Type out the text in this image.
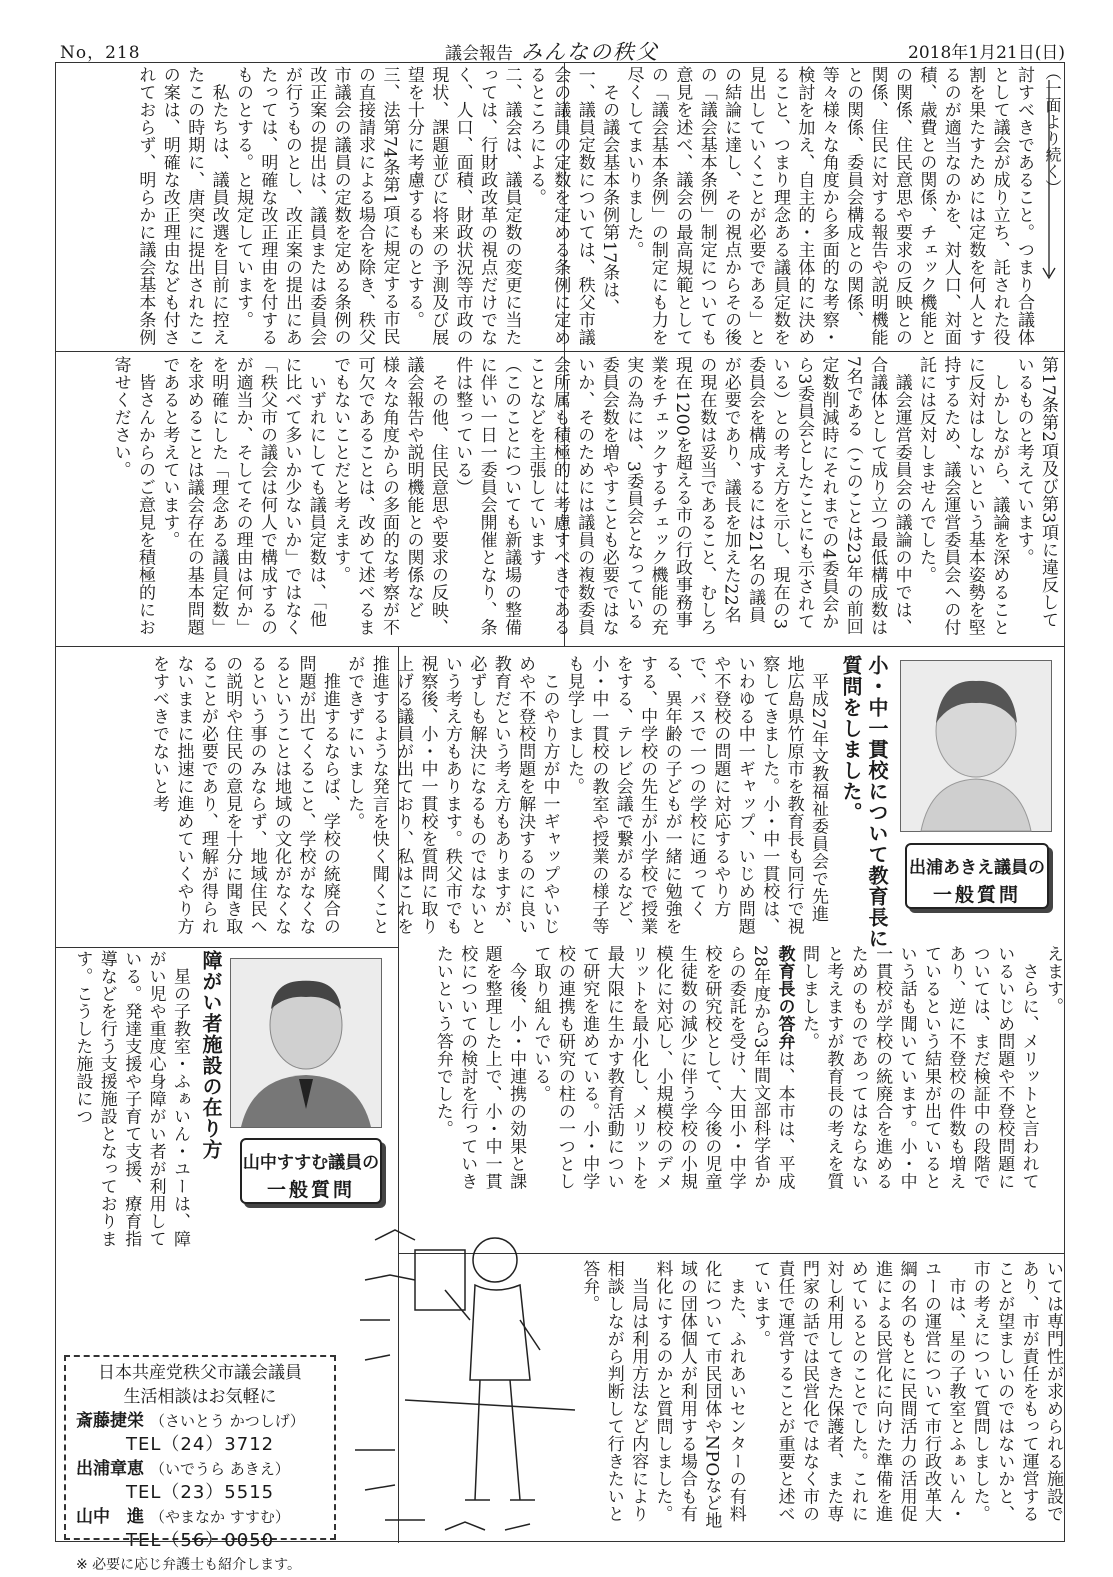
No，218	議会報告 みんなの秩父	2018年1月21日(日)
（一面より続く）
討すべきであること。つまり合議体として議会が成り立ち、託された役割を果たすためには定数を何人とするのが適当なのかを、対人口、対面積、歳費との関係、チェック機能との関係、住民意思や要求の反映との関係、住民に対する報告や説明機能との関係、委員会構成との関係、等々様々な角度から多面的な考察・検討を加え、自主的・主体的に決めること、つまり理念ある議員定数を見出していくことが必要である」との結論に達し、その視点からその後の「議会基本条例」制定についても意見を述べ、議会の最高規範としての「議会基本条例」の制定にも力を尽くしてまいりました。
　その議会基本条例第17条は、一、議員定数については、秩父市議会の議員の定数を定める条例に定めるところによる。
二、議会は、議員定数の変更に当たっては、行財政改革の視点だけでなく、人口、面積、財政状況等市政の現状、課題並びに将来の予測及び展望を十分に考慮するものとする。
三、法第74条第1項に規定する市民の直接請求による場合を除き、秩父市議会の議員の定数を定める条例の改正案の提出は、議員または委員会が行うものとし、改正案の提出にあたっては、明確な改正理由を付するものとする。と規定しています。
　私たちは、議員改選を目前に控えたこの時期に、唐突に提出されたこの案は、明確な改正理由なども付されておらず、明らかに議会基本条例
第17条第2項及び第3項に違反しているものと考えています。
　しかしながら、議論を深めることに反対はしないという基本姿勢を堅持するため、議会運営委員会への付託には反対しませんでした。
　議会運営委員会の議論の中では、合議体として成り立つ最低構成数は7名である（このことは23年の前回定数削減時にそれまでの4委員会から3委員会としたことにも示されている）との考え方を示し、現在の3委員会を構成するには21名の議員が必要であり、議長を加えた22名の現在数は妥当であること、むしろ現在1200を超える市の行政事務事業をチェックするチェック機能の充実の為には、3委員会となっている委員会数を増やすことも必要ではないか、そのためには議員の複数委員会所属も積極的に考慮すべきであることなどを主張しています
（このことについても新議場の整備に伴い一日一委員会開催となり、条件は整っている）
　その他、住民意思や要求の反映、議会報告や説明機能との関係など様々な角度からの多面的な考察が不可欠であることは、改めて述べるまでもないことだと考えます。
　いずれにしても議員定数は、「他に比べて多いか少ないか」ではなく「秩父市の議会は何人で構成するのが適当か、そしてその理由は何か」を明確にした「理念ある議員定数」を求めることは議会存在の基本問題であると考えています。
　皆さんからのご意見を積極的にお寄せください。
出浦あきえ議員の
一般質問
小・中一貫校について教育長に質問をしました。
　平成27年文教福祉委員会で先進地広島県竹原市を教育長も同行で視察してきました。小・中一貫校は、いわゆる中一ギャップ、いじめ問題や不登校の問題に対応するやり方で、バスで一つの学校に通ってくる、異年齢の子どもが一緒に勉強をする、中学校の先生が小学校で授業をする、テレビ会議で繋がるなど、小・中一貫校の教室や授業の様子等も見学しました。
　このやり方が中一ギャップやいじめや不登校問題を解決するのに良い教育だという考え方もありますが、必ずしも解決になるものではないという考え方もあります。秩父市でも視察後、小・中一貫校を質問に取り上げる議員が出ており、私はこれを推進するような発言を快く聞くことができずにいました。
　推進するならば、学校の統廃合の問題が出てくること、学校がなくなるということは地域の文化がなくなるという事のみならず、地域住民への説明や住民の意見を十分に聞き取ることが必要であり、理解が得られないままに拙速に進めていくやり方をすべきでないと考
えます。
　さらに、メリットと言われているいじめ問題や不登校問題については、まだ検証中の段階であり、逆に不登校の件数も増えているという結果が出ているという話も聞いています。小・中一貫校が学校の統廃合を進めるためのものであってはならないと考えますが教育長の考えを質問しました。
教育長の答弁は、本市は、平成28年度から3年間文部科学省からの委託を受け、大田小・中学校を研究校として、今後の児童生徒数の減少に伴う学校の小規模化に対応し、小規模校のデメリットを最小化し、メリットを最大限に生かす教育活動について研究を進めている。小・中学校の連携も研究の柱の一つとして取り組んでいる。
　今後、小・中連携の効果と課題を整理した上で、小・中一貫校についての検討を行っていきたいという答弁でした。
山中すすむ議員の
一般質問
障がい者施設の在り方
　星の子教室・ふぁいん・ユーは、障がい児や重度心身障がい者が利用している。発達支援や子育て支援、療育指導などを行う支援施設となっております。こうした施設につ
いては専門性が求められる施設であり、市が責任をもって運営することが望ましいのではないかと、市の考えについて質問しました。
　市は、星の子教室とふぁいん・ユーの運営について市行政改革大綱の名のもとに民間活力の活用促進による民営化に向けた準備を進めているとのことでした。これに対し利用してきた保護者、また専門家の話では民営化ではなく市の責任で運営することが重要と述べています。
　また、ふれあいセンターの有料化について市民団体やNPOなど地域の団体個人が利用する場合も有料化にするのかと質問しました。
　当局は利用方法など内容により相談しながら判断して行きたいと答弁。
日本共産党秩父市議会議員
生活相談はお気軽に
斎藤捷栄 （さいとう かつしげ）
TEL（24）3712
出浦章恵 （いでうら あきえ）
TEL（23）5515
山中　進 （やまなか すすむ）
TEL（56）0050
※ 必要に応じ弁護士も紹介します。
